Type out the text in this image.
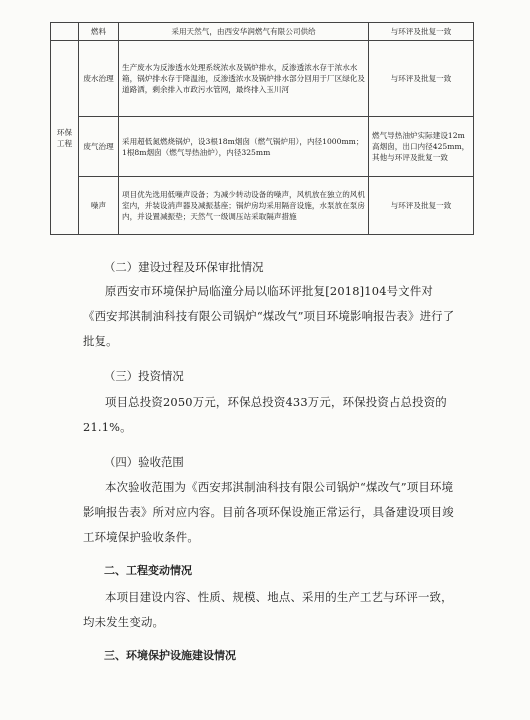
	燃料	采用天然气，由西安华润燃气有限公司供给	与环评及批复一致
环保工程	废水治理	生产废水为反渗透水处理系统浓水及锅炉排水，反渗透浓水存于浓水水箱，锅炉排水存于降温池，反渗透浓水及锅炉排水部分回用于厂区绿化及道路洒，剩余排入市政污水管网，最终排入玉川河	与环评及批复一致
	废气治理	采用超低氮燃烧锅炉，设3根18m烟囱（燃气锅炉用），内径1000mm；1根8m烟囱（燃气导热油炉），内径325mm	燃气导热油炉实际建设12m高烟囱，出口内径425mm，其他与环评及批复一致
	噪声	项目优先选用低噪声设备；为减少转动设备的噪声，风机放在独立的风机室内，并装设消声器及减振基座；锅炉房均采用隔音设施，水泵放在泵房内，并设置减振垫；天然气一级调压站采取隔声措施	与环评及批复一致
（二）建设过程及环保审批情况
原西安市环境保护局临潼分局以临环评批复[2018]104号文件对《西安邦淇制油科技有限公司锅炉“煤改气”项目环境影响报告表》进行了批复。
（三）投资情况
项目总投资2050万元，环保总投资433万元，环保投资占总投资的21.1%。
（四）验收范围
本次验收范围为《西安邦淇制油科技有限公司锅炉“煤改气”项目环境影响报告表》所对应内容。目前各项环保设施正常运行，具备建设项目竣工环境保护验收条件。
二、工程变动情况
本项目建设内容、性质、规模、地点、采用的生产工艺与环评一致，均未发生变动。
三、环境保护设施建设情况
